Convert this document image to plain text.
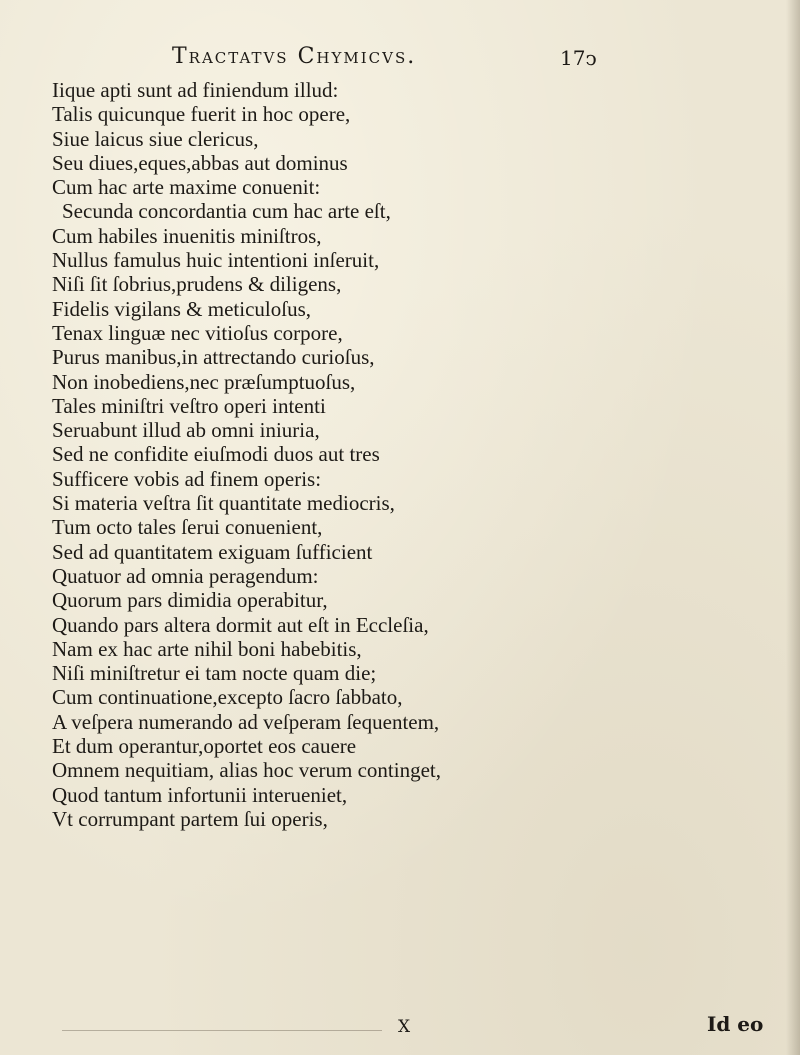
Tractatvs Chymicvs.	17ↄ
Iique apti sunt ad finiendum illud:
Talis quicunque fuerit in hoc opere,
Siue laicus siue clericus,
Seu diues,eques,abbas aut dominus
Cum hac arte maxime conuenit:
Secunda concordantia cum hac arte eſt,
Cum habiles inuenitis miniſtros,
Nullus famulus huic intentioni inſeruit,
Niſi ſit ſobrius,prudens & diligens,
Fidelis vigilans & meticuloſus,
Tenax linguæ nec vitioſus corpore,
Purus manibus,in attrectando curioſus,
Non inobediens,nec præſumptuoſus,
Tales miniſtri veſtro operi intenti
Seruabunt illud ab omni iniuria,
Sed ne confidite eiuſmodi duos aut tres
Sufficere vobis ad finem operis:
Si materia veſtra ſit quantitate mediocris,
Tum octo tales ſerui conuenient,
Sed ad quantitatem exiguam ſufficient
Quatuor ad omnia peragendum:
Quorum pars dimidia operabitur,
Quando pars altera dormit aut eſt in Eccleſia,
Nam ex hac arte nihil boni habebitis,
Niſi miniſtretur ei tam nocte quam die;
Cum continuatione,excepto ſacro ſabbato,
A veſpera numerando ad veſperam ſequentem,
Et dum operantur,oportet eos cauere
Omnem nequitiam, alias hoc verum continget,
Quod tantum infortunii interueniet,
Vt corrumpant partem ſui operis,
X	Id eo
